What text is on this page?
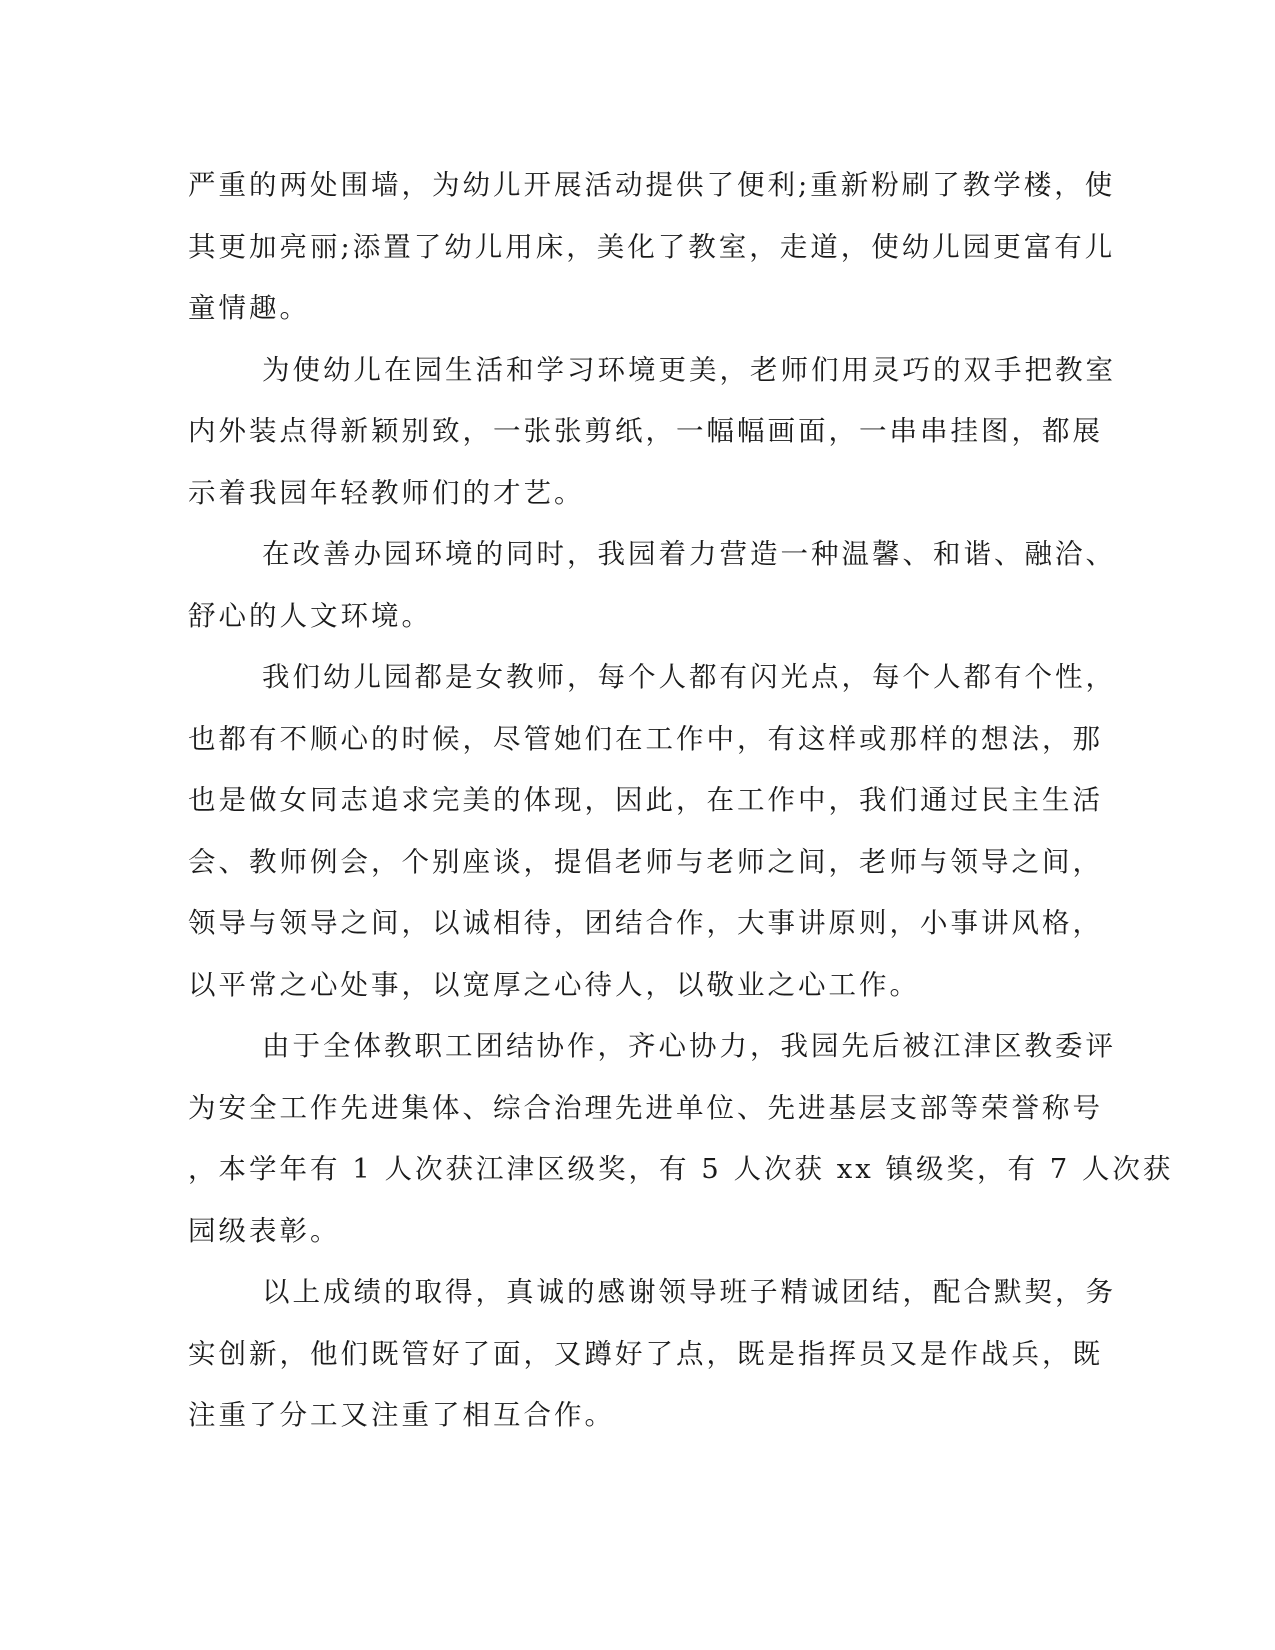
严重的两处围墙，为幼儿开展活动提供了便利;重新粉刷了教学楼，使
其更加亮丽;添置了幼儿用床，美化了教室，走道，使幼儿园更富有儿
童情趣。
为使幼儿在园生活和学习环境更美，老师们用灵巧的双手把教室
内外装点得新颖别致，一张张剪纸，一幅幅画面，一串串挂图，都展
示着我园年轻教师们的才艺。
在改善办园环境的同时，我园着力营造一种温馨、和谐、融洽、
舒心的人文环境。
我们幼儿园都是女教师，每个人都有闪光点，每个人都有个性，
也都有不顺心的时候，尽管她们在工作中，有这样或那样的想法，那
也是做女同志追求完美的体现，因此，在工作中，我们通过民主生活
会、教师例会，个别座谈，提倡老师与老师之间，老师与领导之间，
领导与领导之间，以诚相待，团结合作，大事讲原则，小事讲风格，
以平常之心处事，以宽厚之心待人，以敬业之心工作。
由于全体教职工团结协作，齐心协力，我园先后被江津区教委评
为安全工作先进集体、综合治理先进单位、先进基层支部等荣誉称号
，本学年有 1 人次获江津区级奖，有 5 人次获 xx 镇级奖，有 7 人次获
园级表彰。
以上成绩的取得，真诚的感谢领导班子精诚团结，配合默契，务
实创新，他们既管好了面，又蹲好了点，既是指挥员又是作战兵，既
注重了分工又注重了相互合作。
